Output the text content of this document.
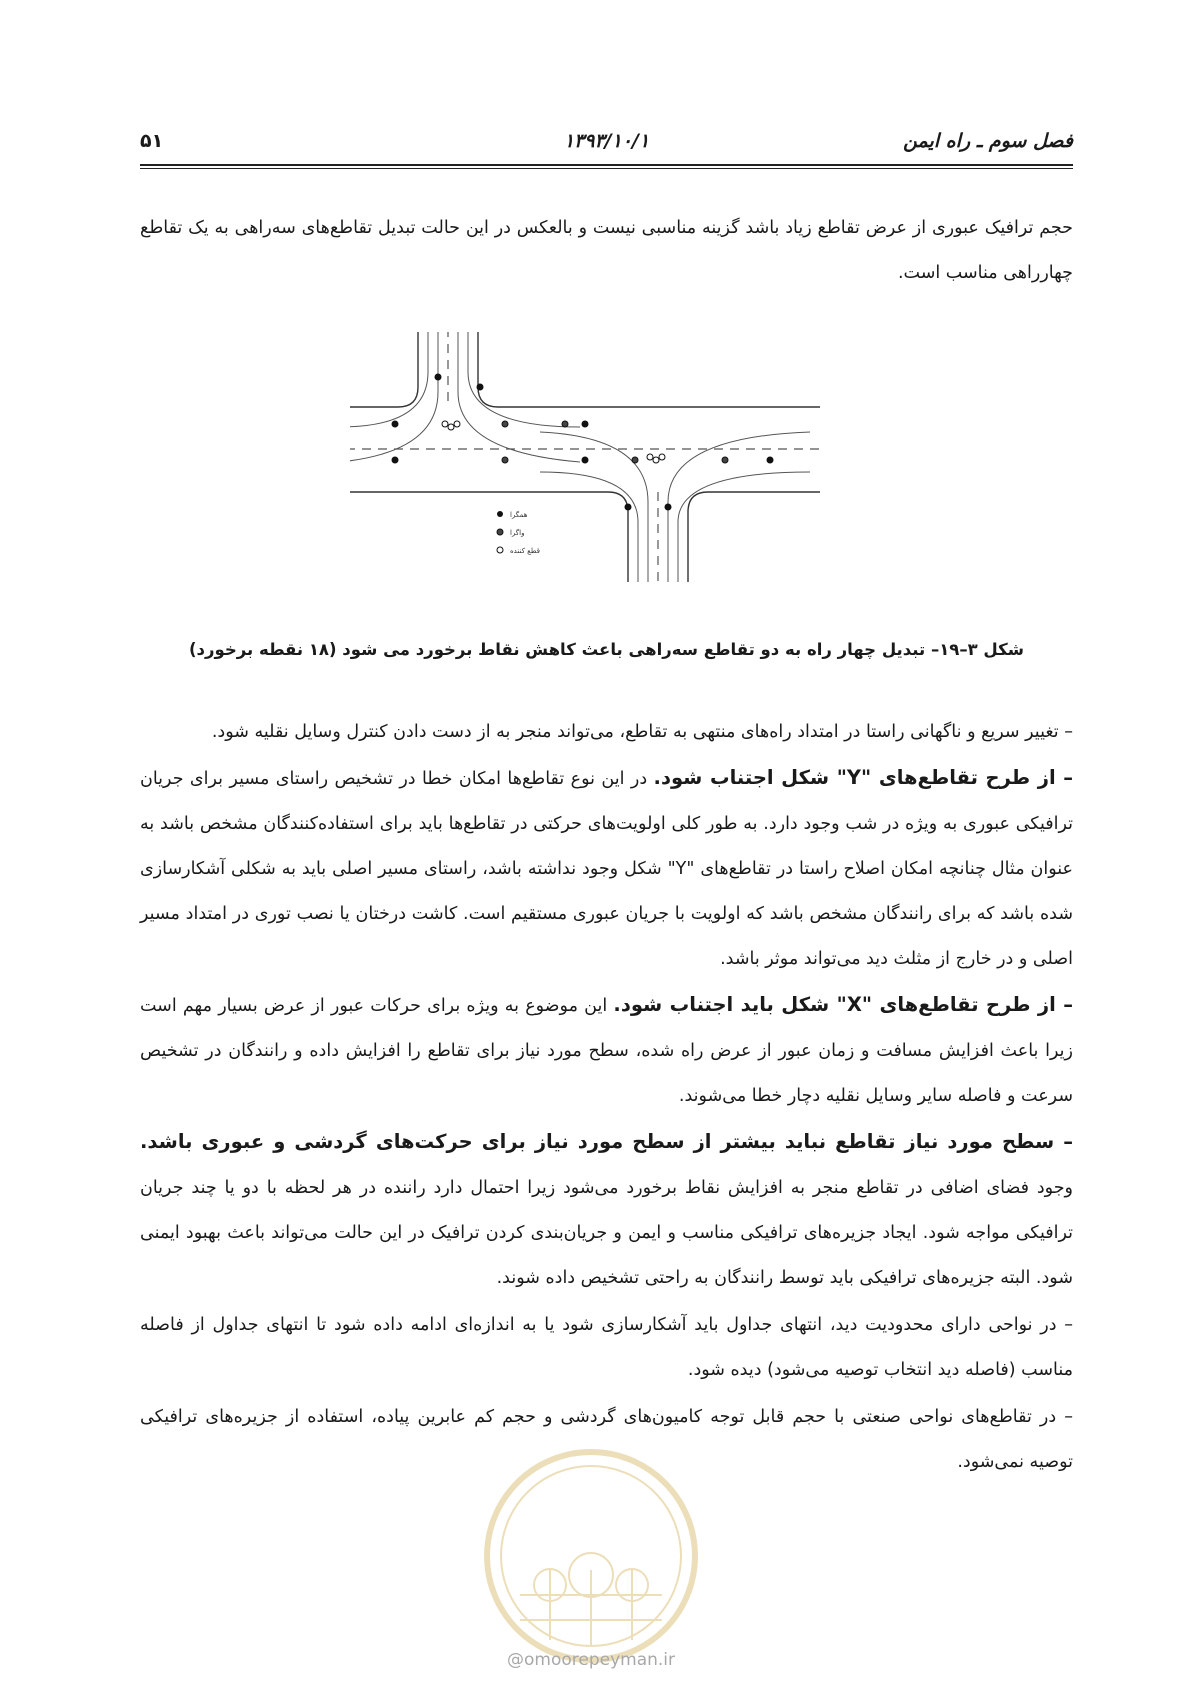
فصل سوم ـ راه ایمن
۱۳۹۳/۱۰/۱
۵۱

حجم ترافیک عبوری از عرض تقاطع زیاد باشد گزینه مناسبی نیست و بالعکس در این حالت تبدیل تقاطع‌های سه‌راهی به یک تقاطع چهارراهی مناسب است.

همگرا
واگرا
قطع کننده
شکل ۳–۱۹– تبدیل چهار راه به دو تقاطع سه‌راهی باعث کاهش نقاط برخورد می شود (۱۸ نقطه برخورد)

– تغییر سریع و ناگهانی راستا در امتداد راه‌های منتهی به تقاطع، می‌تواند منجر به از دست دادن کنترل وسایل نقلیه شود.

– از طرح تقاطع‌های "Y" شکل اجتناب شود. در این نوع تقاطع‌ها امکان خطا در تشخیص راستای مسیر برای جریان ترافیکی عبوری به ویژه در شب وجود دارد. به طور کلی اولویت‌های حرکتی در تقاطع‌ها باید برای استفاده‌کنندگان مشخص باشد به عنوان مثال چنانچه امکان اصلاح راستا در تقاطع‌های "Y" شکل وجود نداشته باشد، راستای مسیر اصلی باید به شکلی آشکارسازی شده باشد که برای رانندگان مشخص باشد که اولویت با جریان عبوری مستقیم است. کاشت درختان یا نصب توری در امتداد مسیر اصلی و در خارج از مثلث دید می‌تواند موثر باشد.

– از طرح تقاطع‌های "X" شکل باید اجتناب شود. این موضوع به ویژه برای حرکات عبور از عرض بسیار مهم است زیرا باعث افزایش مسافت و زمان عبور از عرض راه شده، سطح مورد نیاز برای تقاطع را افزایش داده و رانندگان در تشخیص سرعت و فاصله سایر وسایل نقلیه دچار خطا می‌شوند.

– سطح مورد نیاز تقاطع نباید بیشتر از سطح مورد نیاز برای حرکت‌های گردشی و عبوری باشد. وجود فضای اضافی در تقاطع منجر به افزایش نقاط برخورد می‌شود زیرا احتمال دارد راننده در هر لحظه با دو یا چند جریان ترافیکی مواجه شود. ایجاد جزیره‌های ترافیکی مناسب و ایمن و جریان‌بندی کردن ترافیک در این حالت می‌تواند باعث بهبود ایمنی شود. البته جزیره‌های ترافیکی باید توسط رانندگان به راحتی تشخیص داده شوند.

– در نواحی دارای محدودیت دید، انتهای جداول باید آشکارسازی شود یا به اندازه‌ای ادامه داده شود تا انتهای جداول از فاصله مناسب (فاصله دید انتخاب توصیه می‌شود) دیده شود.

– در تقاطع‌های نواحی صنعتی با حجم قابل توجه کامیون‌های گردشی و حجم کم عابرین پیاده، استفاده از جزیره‌های ترافیکی توصیه نمی‌شود.

@omoorepeyman.ir
